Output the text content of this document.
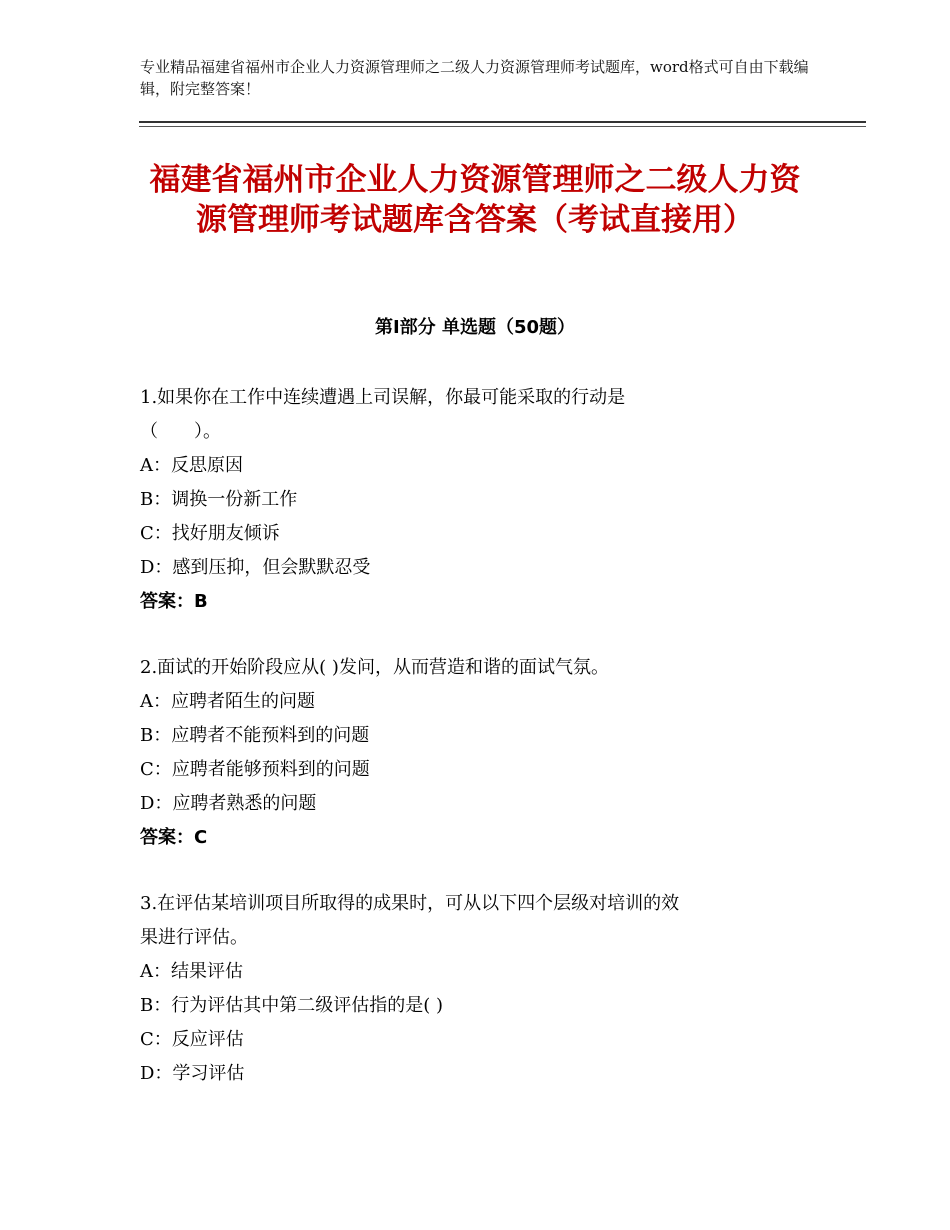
专业精品福建省福州市企业人力资源管理师之二级人力资源管理师考试题库，word格式可自由下载编辑，附完整答案！
福建省福州市企业人力资源管理师之二级人力资源管理师考试题库含答案（考试直接用）
第Ⅰ部分 单选题（50题）

1.如果你在工作中连续遭遇上司误解，你最可能采取的行动是

（　　）。

A：反思原因

B：调换一份新工作

C：找好朋友倾诉

D：感到压抑，但会默默忍受

答案：B

2.面试的开始阶段应从( )发问，从而营造和谐的面试气氛。

A：应聘者陌生的问题

B：应聘者不能预料到的问题

C：应聘者能够预料到的问题

D：应聘者熟悉的问题

答案：C

3.在评估某培训项目所取得的成果时，可从以下四个层级对培训的效

果进行评估。

A：结果评估

B：行为评估其中第二级评估指的是( )

C：反应评估

D：学习评估
